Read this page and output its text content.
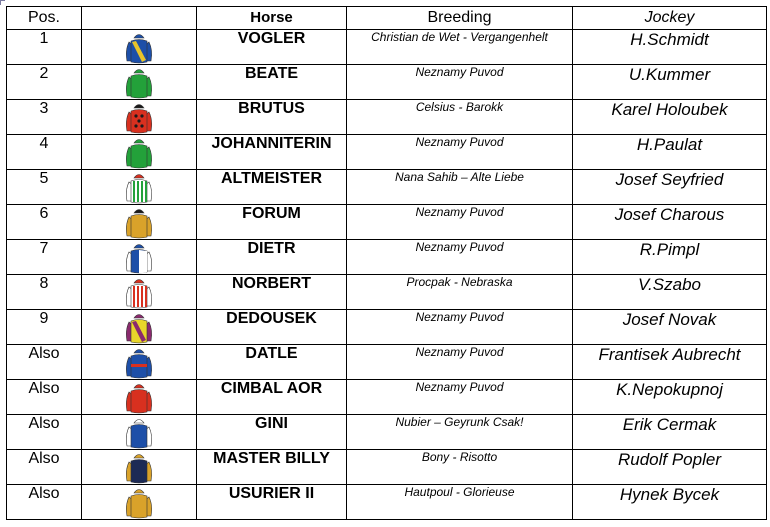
Pos.		Horse	Breeding	Jockey
1		VOGLER	Christian de Wet - Vergangenhelt	H.Schmidt
2		BEATE	Neznamy Puvod	U.Kummer
3		BRUTUS	Celsius - Barokk	Karel Holoubek
4		JOHANNITERIN	Neznamy Puvod	H.Paulat
5		ALTMEISTER	Nana Sahib – Alte Liebe	Josef Seyfried
6		FORUM	Neznamy Puvod	Josef Charous
7		DIETR	Neznamy Puvod	R.Pimpl
8		NORBERT	Procpak - Nebraska	V.Szabo
9		DEDOUSEK	Neznamy Puvod	Josef Novak
Also		DATLE	Neznamy Puvod	Frantisek Aubrecht
Also		CIMBAL AOR	Neznamy Puvod	K.Nepokupnoj
Also		GINI	Nubier – Geyrunk Csak!	Erik Cermak
Also		MASTER BILLY	Bony - Risotto	Rudolf Popler
Also		USURIER II	Hautpoul - Glorieuse	Hynek Bycek
